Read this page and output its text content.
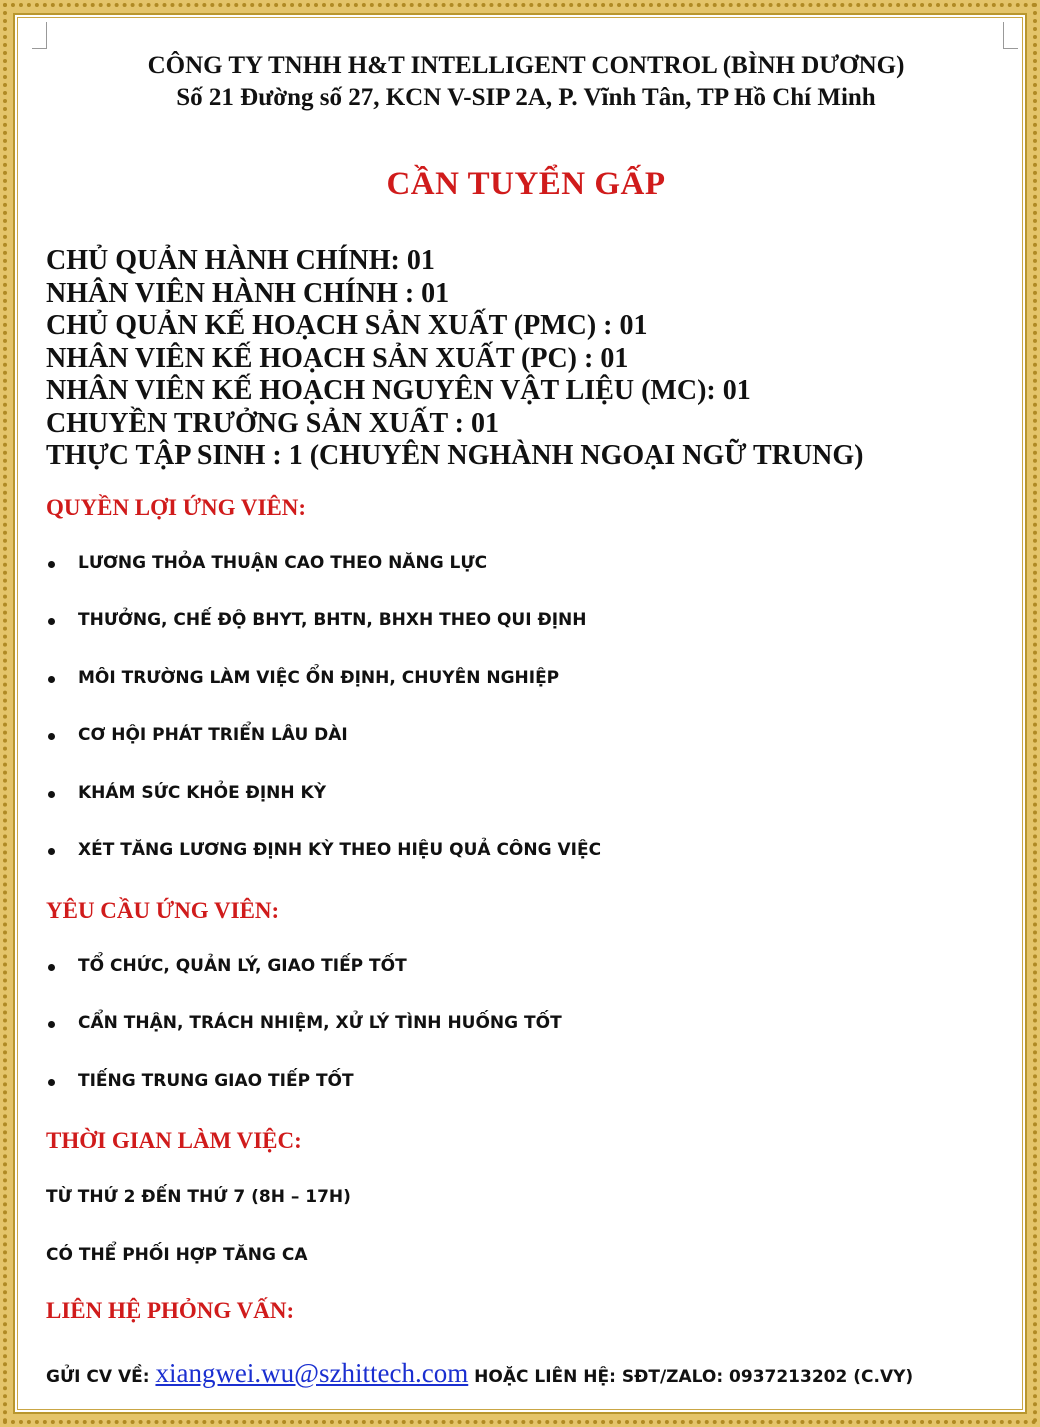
CÔNG TY TNHH H&T INTELLIGENT CONTROL (BÌNH DƯƠNG)
Số 21 Đường số 27, KCN V-SIP 2A, P. Vĩnh Tân, TP Hồ Chí Minh
CẦN TUYỂN GẤP
CHỦ QUẢN HÀNH CHÍNH: 01
NHÂN VIÊN HÀNH CHÍNH : 01
CHỦ QUẢN KẾ HOẠCH SẢN XUẤT (PMC) : 01
NHÂN VIÊN KẾ HOẠCH SẢN XUẤT (PC) : 01
NHÂN VIÊN KẾ HOẠCH NGUYÊN VẬT LIỆU (MC): 01
CHUYỀN TRƯỞNG SẢN XUẤT : 01
THỰC TẬP SINH : 1 (CHUYÊN NGHÀNH NGOẠI NGỮ TRUNG)
QUYỀN LỢI ỨNG VIÊN:
LƯƠNG THỎA THUẬN CAO THEO NĂNG LỰC
THƯỞNG, CHẾ ĐỘ BHYT, BHTN, BHXH THEO QUI ĐỊNH
MÔI TRƯỜNG LÀM VIỆC ỔN ĐỊNH, CHUYÊN NGHIỆP
CƠ HỘI PHÁT TRIỂN LÂU DÀI
KHÁM SỨC KHỎE ĐỊNH KỲ
XÉT TĂNG LƯƠNG ĐỊNH KỲ THEO HIỆU QUẢ CÔNG VIỆC
YÊU CẦU ỨNG VIÊN:
TỔ CHỨC, QUẢN LÝ, GIAO TIẾP TỐT
CẨN THẬN, TRÁCH NHIỆM, XỬ LÝ TÌNH HUỐNG TỐT
TIẾNG TRUNG GIAO TIẾP TỐT
THỜI GIAN LÀM VIỆC:
TỪ THỨ 2 ĐẾN THỨ 7 (8H – 17H)
CÓ THỂ PHỐI HỢP TĂNG CA
LIÊN HỆ PHỎNG VẤN:
GỬI CV VỀ: xiangwei.wu@szhittech.com HOẶC LIÊN HỆ: SĐT/ZALO: 0937213202 (C.VY)
